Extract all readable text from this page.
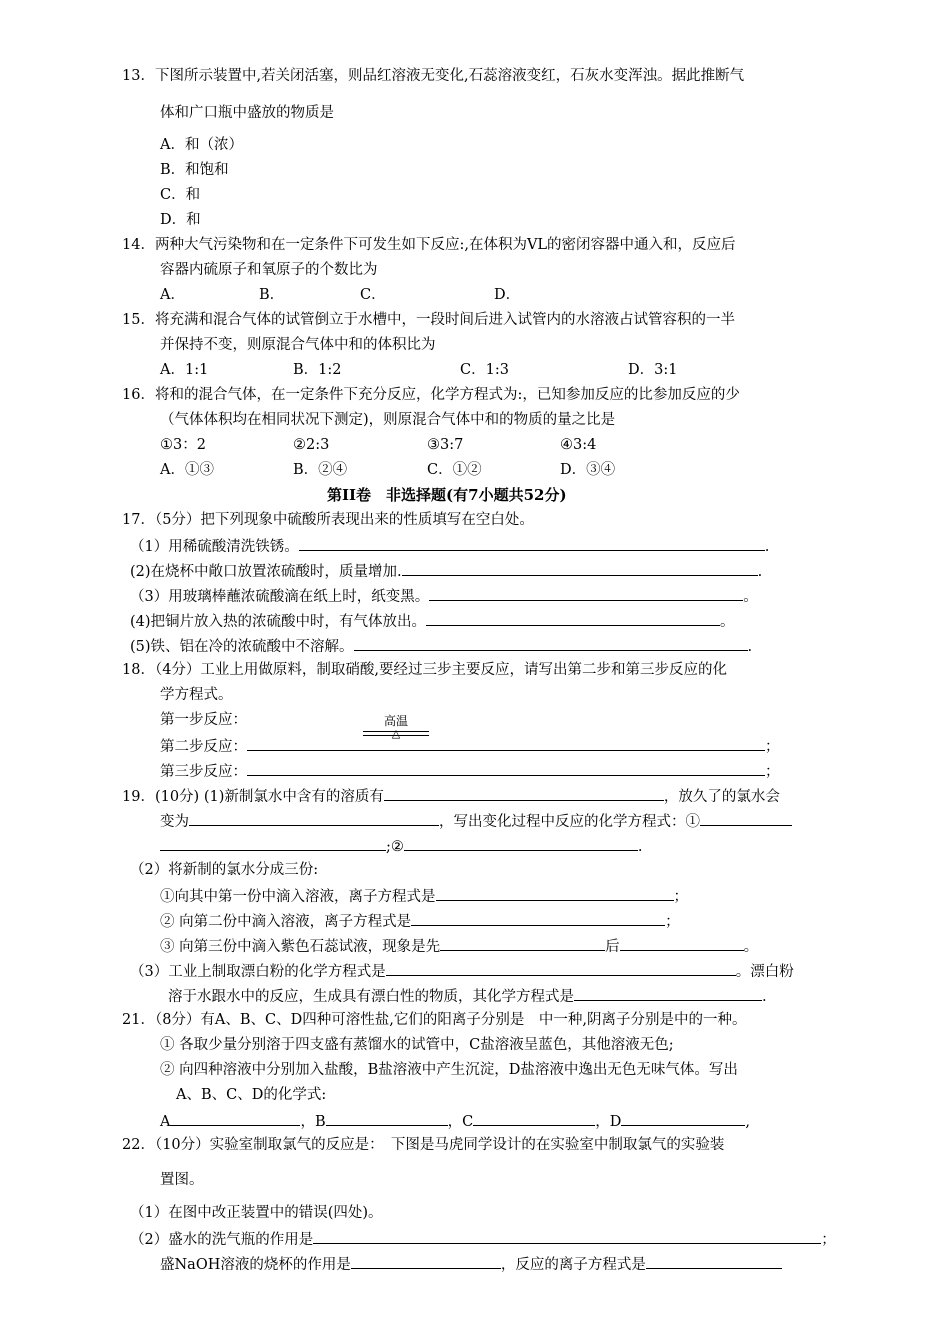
13．下图所示装置中,若关闭活塞，则品红溶液无变化,石蕊溶液变红，石灰水变浑浊。据此推断气
体和广口瓶中盛放的物质是
A．和（浓）
B．和饱和
C．和
D．和
14．两种大气污染物和在一定条件下可发生如下反应:,在体积为VL的密闭容器中通入和，反应后
容器内硫原子和氧原子的个数比为
A．	B．	C．	D．
15．将充满和混合气体的试管倒立于水槽中，一段时间后进入试管内的水溶液占试管容积的一半
并保持不变，则原混合气体中和的体积比为
A．1:1	B．1:2	C．1:3	D．3:1
16．将和的混合气体，在一定条件下充分反应，化学方程式为:，已知参加反应的比参加反应的少
（气体体积均在相同状况下测定)，则原混合气体中和的物质的量之比是
①3：2	②2:3	③3:7	④3:4
A．①③	B．②④	C．①②	D．③④
第II卷　非选择题(有7小题共52分)
17．（5分）把下列现象中硫酸所表现出来的性质填写在空白处。
（1）用稀硫酸清洗铁锈。	.
(2)在烧杯中敞口放置浓硫酸时，质量增加.	.
（3）用玻璃棒蘸浓硫酸滴在纸上时，纸变黑。	。
(4)把铜片放入热的浓硫酸中时，有气体放出。	。
(5)铁、铝在冷的浓硫酸中不溶解。	.
18．（4分）工业上用做原料，制取硝酸,要经过三步主要反应，请写出第二步和第三步反应的化
学方程式。
第一步反应：	高温
△
第二步反应：	；
第三步反应：	；
19．(10分) (1)新制氯水中含有的溶质有	，放久了的氯水会
变为	，写出变化过程中反应的化学方程式：①
;②	.
（2）将新制的氯水分成三份:
①向其中第一份中滴入溶液，离子方程式是	；
② 向第二份中滴入溶液，离子方程式是	；
③ 向第三份中滴入紫色石蕊试液，现象是先	后	。
（3）工业上制取漂白粉的化学方程式是	。漂白粉
溶于水跟水中的反应，生成具有漂白性的物质，其化学方程式是	.
21．（8分）有A、B、C、D四种可溶性盐,它们的阳离子分别是　中一种,阴离子分别是中的一种。
① 各取少量分别溶于四支盛有蒸馏水的试管中，C盐溶液呈蓝色，其他溶液无色;
② 向四种溶液中分别加入盐酸，B盐溶液中产生沉淀，D盐溶液中逸出无色无味气体。写出
A、B、C、D的化学式:
A	，B	，C	，D	,
22．（10分）实验室制取氯气的反应是：　下图是马虎同学设计的在实验室中制取氯气的实验装
置图。
（1）在图中改正装置中的错误(四处)。
（2）盛水的洗气瓶的作用是	；
盛NaOH溶液的烧杯的作用是	，反应的离子方程式是
